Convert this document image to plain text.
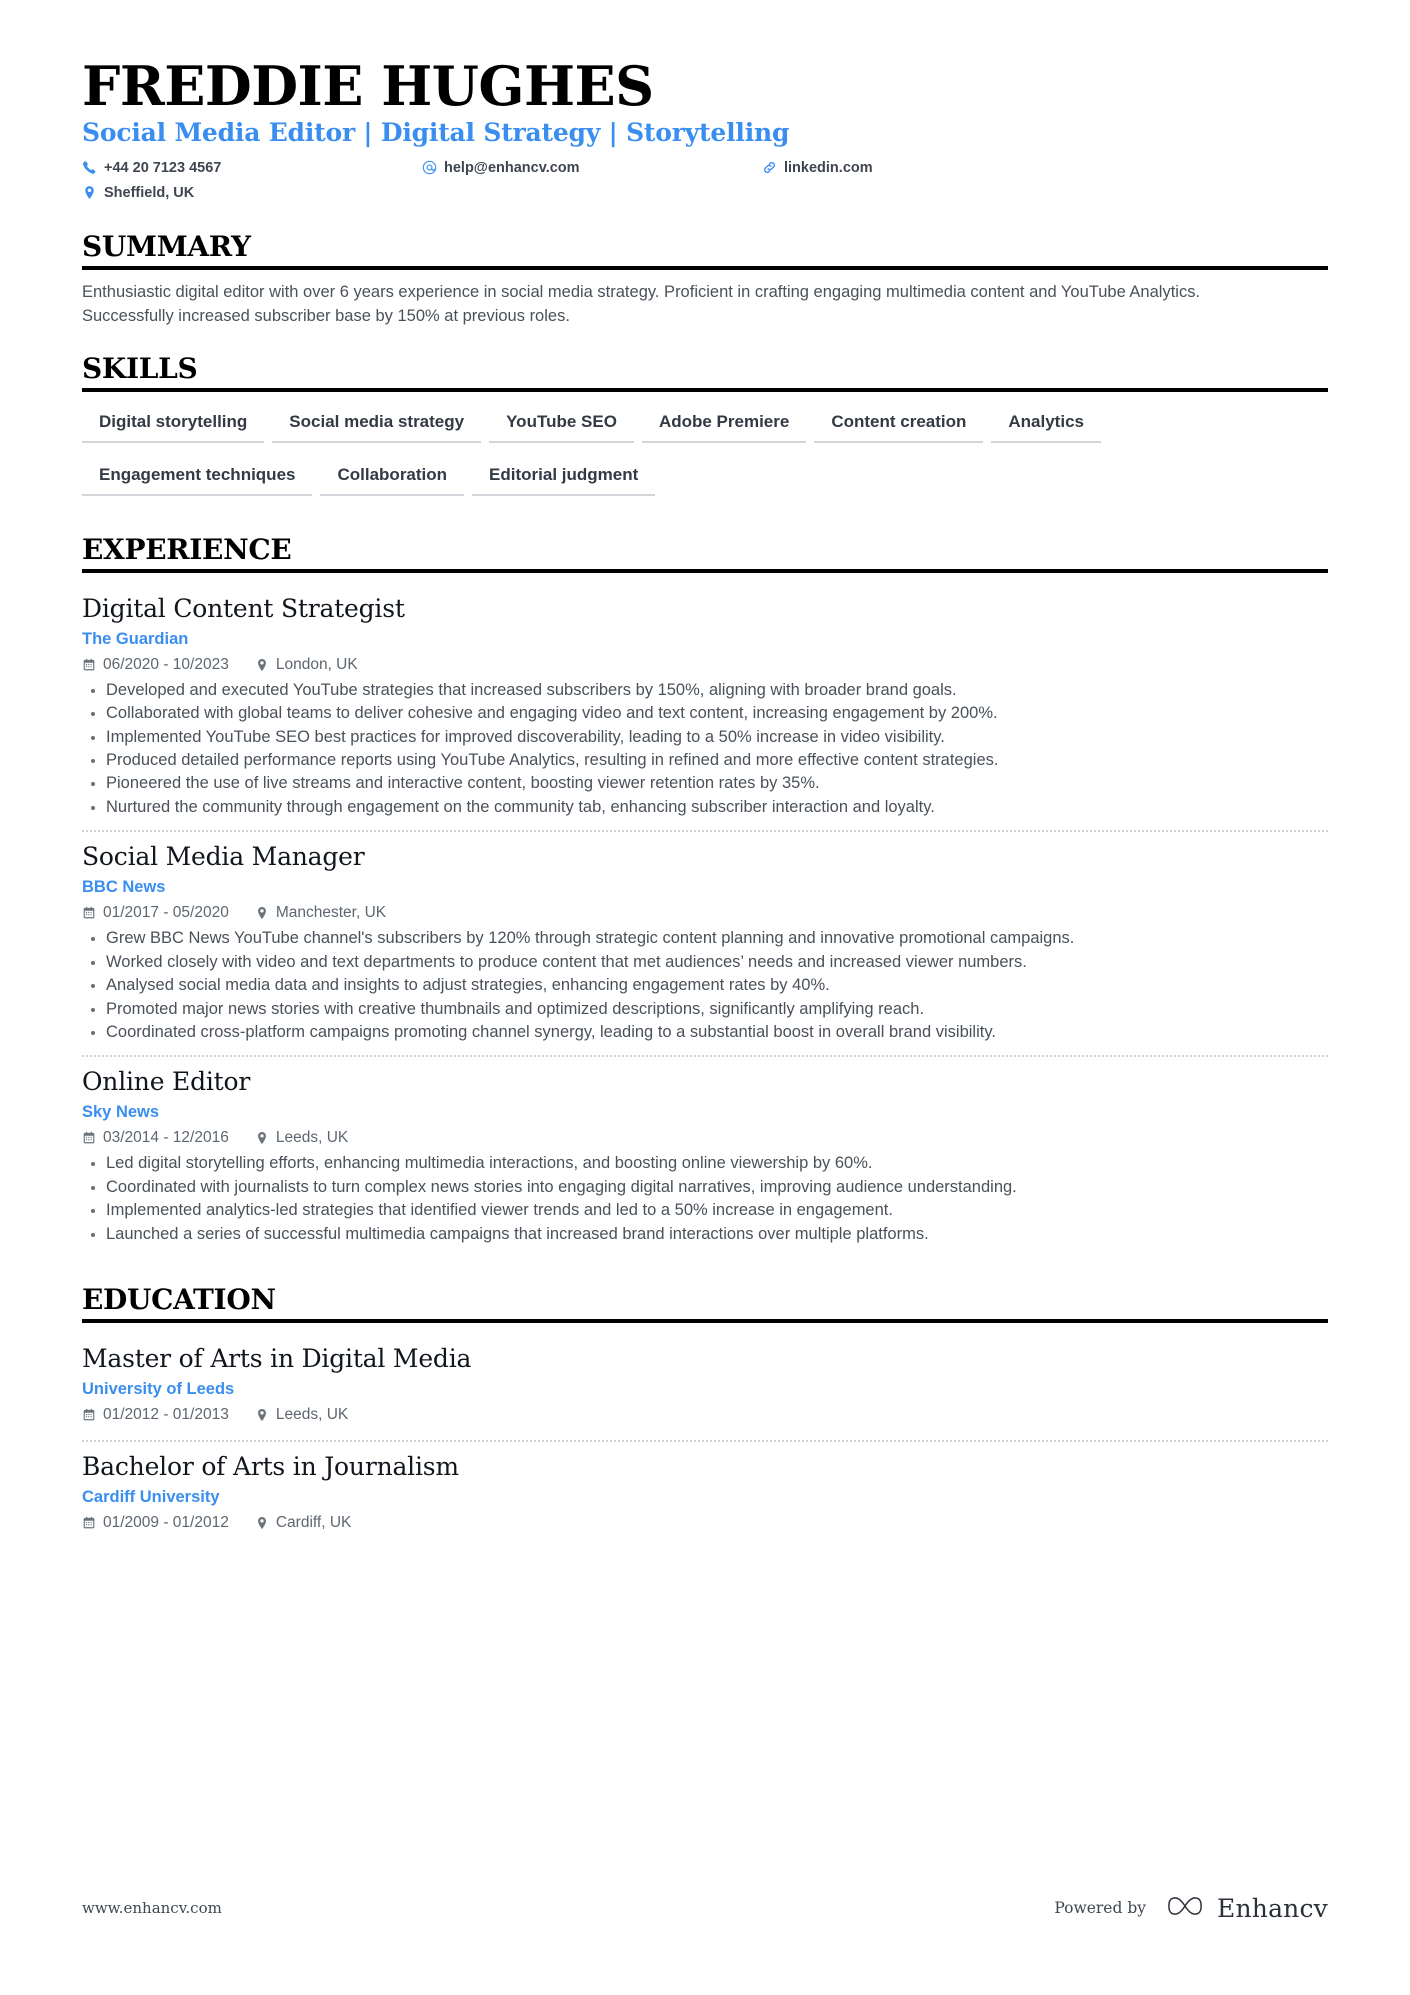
FREDDIE HUGHES
Social Media Editor | Digital Strategy | Storytelling
+44 20 7123 4567	help@enhancv.com	linkedin.com
Sheffield, UK
SUMMARY

Enthusiastic digital editor with over 6 years experience in social media strategy. Proficient in crafting engaging multimedia content and YouTube Analytics. Successfully increased subscriber base by 150% at previous roles.

SKILLS
Digital storytelling	Social media strategy	YouTube SEO	Adobe Premiere	Content creation	Analytics
Engagement techniques	Collaboration	Editorial judgment
EXPERIENCE
Digital Content Strategist
The Guardian
06/2020 - 10/2023	London, UK
Developed and executed YouTube strategies that increased subscribers by 150%, aligning with broader brand goals.
Collaborated with global teams to deliver cohesive and engaging video and text content, increasing engagement by 200%.
Implemented YouTube SEO best practices for improved discoverability, leading to a 50% increase in video visibility.
Produced detailed performance reports using YouTube Analytics, resulting in refined and more effective content strategies.
Pioneered the use of live streams and interactive content, boosting viewer retention rates by 35%.
Nurtured the community through engagement on the community tab, enhancing subscriber interaction and loyalty.
Social Media Manager
BBC News
01/2017 - 05/2020	Manchester, UK
Grew BBC News YouTube channel's subscribers by 120% through strategic content planning and innovative promotional campaigns.
Worked closely with video and text departments to produce content that met audiences’ needs and increased viewer numbers.
Analysed social media data and insights to adjust strategies, enhancing engagement rates by 40%.
Promoted major news stories with creative thumbnails and optimized descriptions, significantly amplifying reach.
Coordinated cross-platform campaigns promoting channel synergy, leading to a substantial boost in overall brand visibility.
Online Editor
Sky News
03/2014 - 12/2016	Leeds, UK
Led digital storytelling efforts, enhancing multimedia interactions, and boosting online viewership by 60%.
Coordinated with journalists to turn complex news stories into engaging digital narratives, improving audience understanding.
Implemented analytics-led strategies that identified viewer trends and led to a 50% increase in engagement.
Launched a series of successful multimedia campaigns that increased brand interactions over multiple platforms.
EDUCATION
Master of Arts in Digital Media
University of Leeds
01/2012 - 01/2013	Leeds, UK
Bachelor of Arts in Journalism
Cardiff University
01/2009 - 01/2012	Cardiff, UK
www.enhancv.com	Powered by	Enhancv
